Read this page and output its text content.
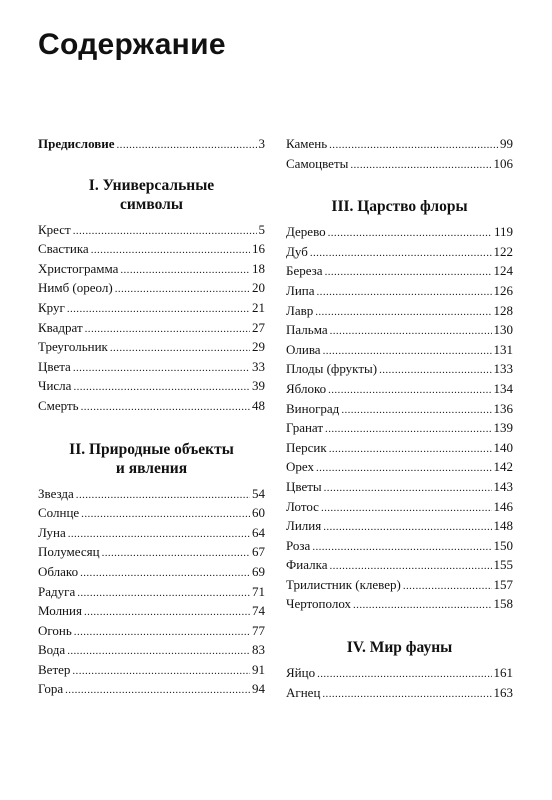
Содержание
Предисловие .....	3
I. Универсальные
символы
Крест .....	5
Свастика .....	16
Христограмма .....	18
Нимб (ореол) .....	20
Круг .....	21
Квадрат .....	27
Треугольник .....	29
Цвета .....	33
Числа .....	39
Смерть .....	48
II. Природные объекты
и явления
Звезда .....	54
Солнце .....	60
Луна .....	64
Полумесяц .....	67
Облако .....	69
Радуга .....	71
Молния .....	74
Огонь .....	77
Вода .....	83
Ветер .....	91
Гора .....	94
Камень .....	99
Самоцветы .....	106
III. Царство флоры
Дерево .....	119
Дуб .....	122
Береза .....	124
Липа .....	126
Лавр .....	128
Пальма .....	130
Олива .....	131
Плоды (фрукты) .....	133
Яблоко .....	134
Виноград .....	136
Гранат .....	139
Персик .....	140
Орех .....	142
Цветы .....	143
Лотос .....	146
Лилия .....	148
Роза .....	150
Фиалка .....	155
Трилистник (клевер) .....	157
Чертополох .....	158
IV. Мир фауны
Яйцо .....	161
Агнец .....	163
